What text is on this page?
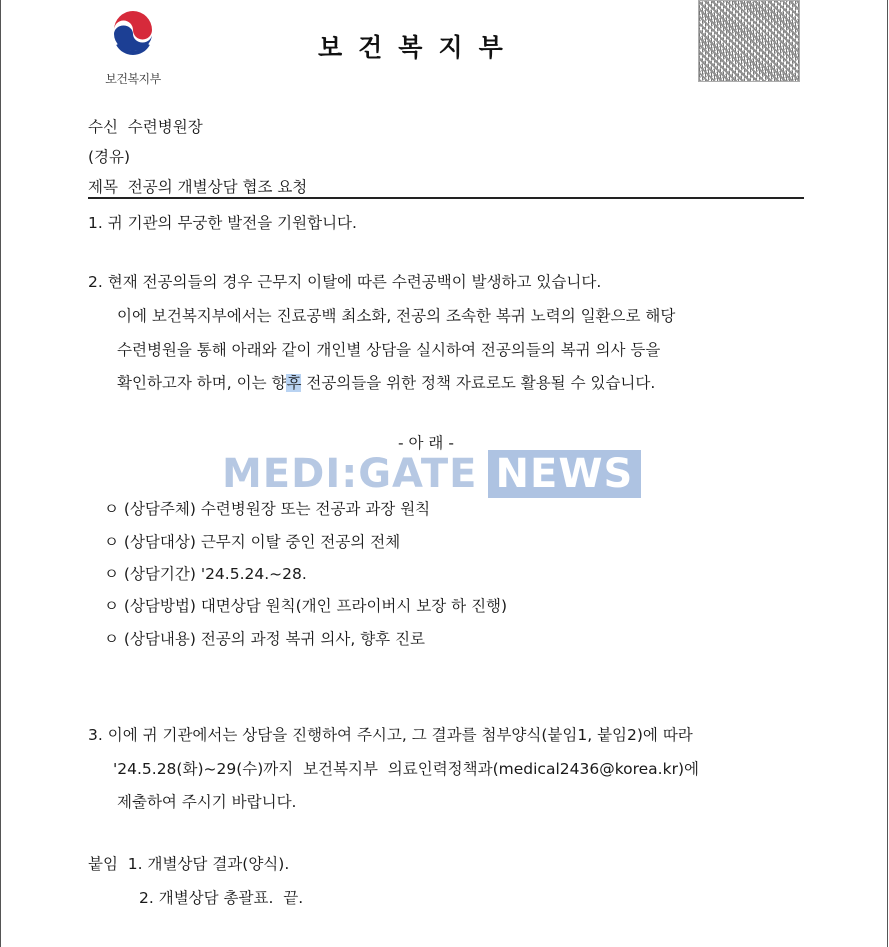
보건복지부
보건복지부
수신  수련병원장
(경유)
제목  전공의 개별상담 협조 요청
1. 귀 기관의 무궁한 발전을 기원합니다.
2. 현재 전공의들의 경우 근무지 이탈에 따른 수련공백이 발생하고 있습니다.
이에 보건복지부에서는 진료공백 최소화, 전공의 조속한 복귀 노력의 일환으로 해당
수련병원을 통해 아래와 같이 개인별 상담을 실시하여 전공의들의 복귀 의사 등을
확인하고자 하며, 이는 향후 전공의들을 위한 정책 자료로도 활용될 수 있습니다.
- 아 래 -
MEDI:GATE NEWS
ㅇ (상담주체) 수련병원장 또는 전공과 과장 원칙
ㅇ (상담대상) 근무지 이탈 중인 전공의 전체
ㅇ (상담기간) '24.5.24.~28.
ㅇ (상담방법) 대면상담 원칙(개인 프라이버시 보장 하 진행)
ㅇ (상담내용) 전공의 과정 복귀 의사, 향후 진로
3. 이에 귀 기관에서는 상담을 진행하여 주시고, 그 결과를 첨부양식(붙임1, 붙임2)에 따라
'24.5.28(화)~29(수)까지  보건복지부  의료인력정책과(medical2436@korea.kr)에
제출하여 주시기 바랍니다.
붙임  1. 개별상담 결과(양식).
2. 개별상담 총괄표.  끝.
